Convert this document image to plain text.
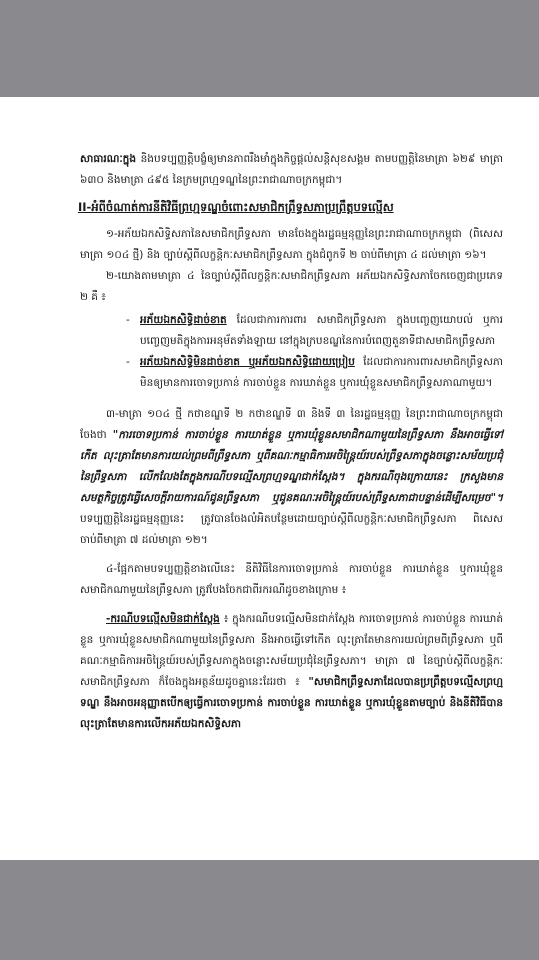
សាធារណៈក្នុង និងបទប្បញ្ញត្តិបង្ខំឲ្យមានភាពរឹងមាំក្នុងកិច្ចផ្តល់សន្តិសុខសង្គម តាមបញ្ញត្តិនៃមាត្រា ៦២៩ មាត្រា ៦៣០ និងមាត្រា ៤៩៥ នៃក្រមព្រហ្មទណ្ឌនៃព្រះរាជាណាចក្រកម្ពុជា។

II-អំពីចំណាត់ការនីតិវិធីព្រហ្មទណ្ឌចំពោះសមាជិកព្រឹទ្ធសភាប្រព្រឹត្តបទល្មើស

១-អភ័យឯកសិទ្ធិសភានៃសមាជិកព្រឹទ្ធសភា មានចែងក្នុងរដ្ឋធម្មនុញ្ញនៃព្រះរាជាណាចក្រកម្ពុជា (ពិសេស មាត្រា ១០៤ ថ្មី) និង ច្បាប់ស្តីពីលក្ខន្តិកៈសមាជិកព្រឹទ្ធសភា ក្នុងជំពូកទី ២ ចាប់ពីមាត្រា ៤ ដល់មាត្រា ១៦។

២-យោងតាមមាត្រា ៤ នៃច្បាប់ស្តីពីលក្ខន្តិកៈសមាជិកព្រឹទ្ធសភា អភ័យឯកសិទ្ធិសភាចែកចេញជាប្រភេទ ២ គឺ ៖

- អភ័យឯកសិទ្ធិដាច់ខាត ដែលជាការការពារ សមាជិកព្រឹទ្ធសភា ក្នុងបញ្ចេញយោបល់ ឬការបញ្ចេញមតិក្នុងការអនុម័តទាំងឡាយ នៅក្នុងក្របខណ្ឌនៃការបំពេញតួនាទីជាសមាជិកព្រឹទ្ធសភា
- អភ័យឯកសិទ្ធិមិនដាច់ខាត ឬអភ័យឯកសិទ្ធិដោយប្រៀប ដែលជាការការពារសមាជិកព្រឹទ្ធសភាមិនឲ្យមានការចោទប្រកាន់ ការចាប់ខ្លួន ការឃាត់ខ្លួន ឬការឃុំខ្លួនសមាជិកព្រឹទ្ធសភាណាមួយ។

៣-មាត្រា ១០៤ ថ្មី កថាខណ្ឌទី ២ កថាខណ្ឌទី ៣ និងទី ៣ នៃរដ្ឋធម្មនុញ្ញ នៃព្រះរាជាណាចក្រកម្ពុជា ចែងថា "ការចោទប្រកាន់ ការចាប់ខ្លួន ការឃាត់ខ្លួន ឬការឃុំខ្លួនសមាជិកណាមួយនៃព្រឹទ្ធសភា នឹងអាចធ្វើទៅកើត លុះត្រាតែមានការយល់ព្រមពីព្រឹទ្ធសភា ឬពីគណៈកម្មាធិការអចិន្ត្រៃយ៍របស់ព្រឹទ្ធសភាក្នុងចន្លោះសម័យប្រជុំនៃព្រឹទ្ធសភា លើកលែងតែក្នុងករណីបទល្មើសព្រហ្មទណ្ឌជាក់ស្តែង។ ក្នុងករណីចុងក្រោយនេះ ក្រសួងមានសមត្ថកិច្ចត្រូវធ្វើសេចក្តីរាយការណ៍ជូនព្រឹទ្ធសភា ឬជូនគណៈអចិន្ត្រៃយ៍របស់ព្រឹទ្ធសភាជាបន្ទាន់ដើម្បីសម្រេច"។ បទប្បញ្ញត្តិនៃរដ្ឋធម្មនុញ្ញនេះ ត្រូវបានចែងលំអិតបន្ថែមដោយច្បាប់ស្តីពីលក្ខន្តិកៈសមាជិកព្រឹទ្ធសភា ពិសេស ចាប់ពីមាត្រា ៧ ដល់មាត្រា ១២។

៤-ផ្អែកតាមបទប្បញ្ញត្តិខាងលើនេះ នីតិវិធីនៃការចោទប្រកាន់ ការចាប់ខ្លួន ការឃាត់ខ្លួន ឬការឃុំខ្លួនសមាជិកណាមួយនៃព្រឹទ្ធសភា ត្រូវបែងចែកជាពីរករណីដូចខាងក្រោម ៖

-ករណីបទល្មើសមិនជាក់ស្តែង ៖ ក្នុងករណីបទល្មើសមិនជាក់ស្តែង ការចោទប្រកាន់ ការចាប់ខ្លួន ការឃាត់ខ្លួន ឬការឃុំខ្លួនសមាជិកណាមួយនៃព្រឹទ្ធសភា នឹងអាចធ្វើទៅកើត លុះត្រាតែមានការយល់ព្រមពីព្រឹទ្ធសភា ឬពីគណៈកម្មាធិការអចិន្ត្រៃយ៍របស់ព្រឹទ្ធសភាក្នុងចន្លោះសម័យប្រជុំនៃព្រឹទ្ធសភា។ មាត្រា ៧ នៃច្បាប់ស្តីពីលក្ខន្តិកៈសមាជិកព្រឹទ្ធសភា ក៏ចែងក្នុងអត្ថន័យដូចគ្នានេះដែរថា ៖ "សមាជិកព្រឹទ្ធសភាដែលបានប្រព្រឹត្តបទល្មើសព្រហ្មទណ្ឌ នឹងអាចអនុញ្ញាតបើកឲ្យធ្វើការចោទប្រកាន់ ការចាប់ខ្លួន ការឃាត់ខ្លួន ឬការឃុំខ្លួនតាមច្បាប់ និងនីតិវិធីបាន លុះត្រាតែមានការលើកអភ័យឯកសិទ្ធិសភា
